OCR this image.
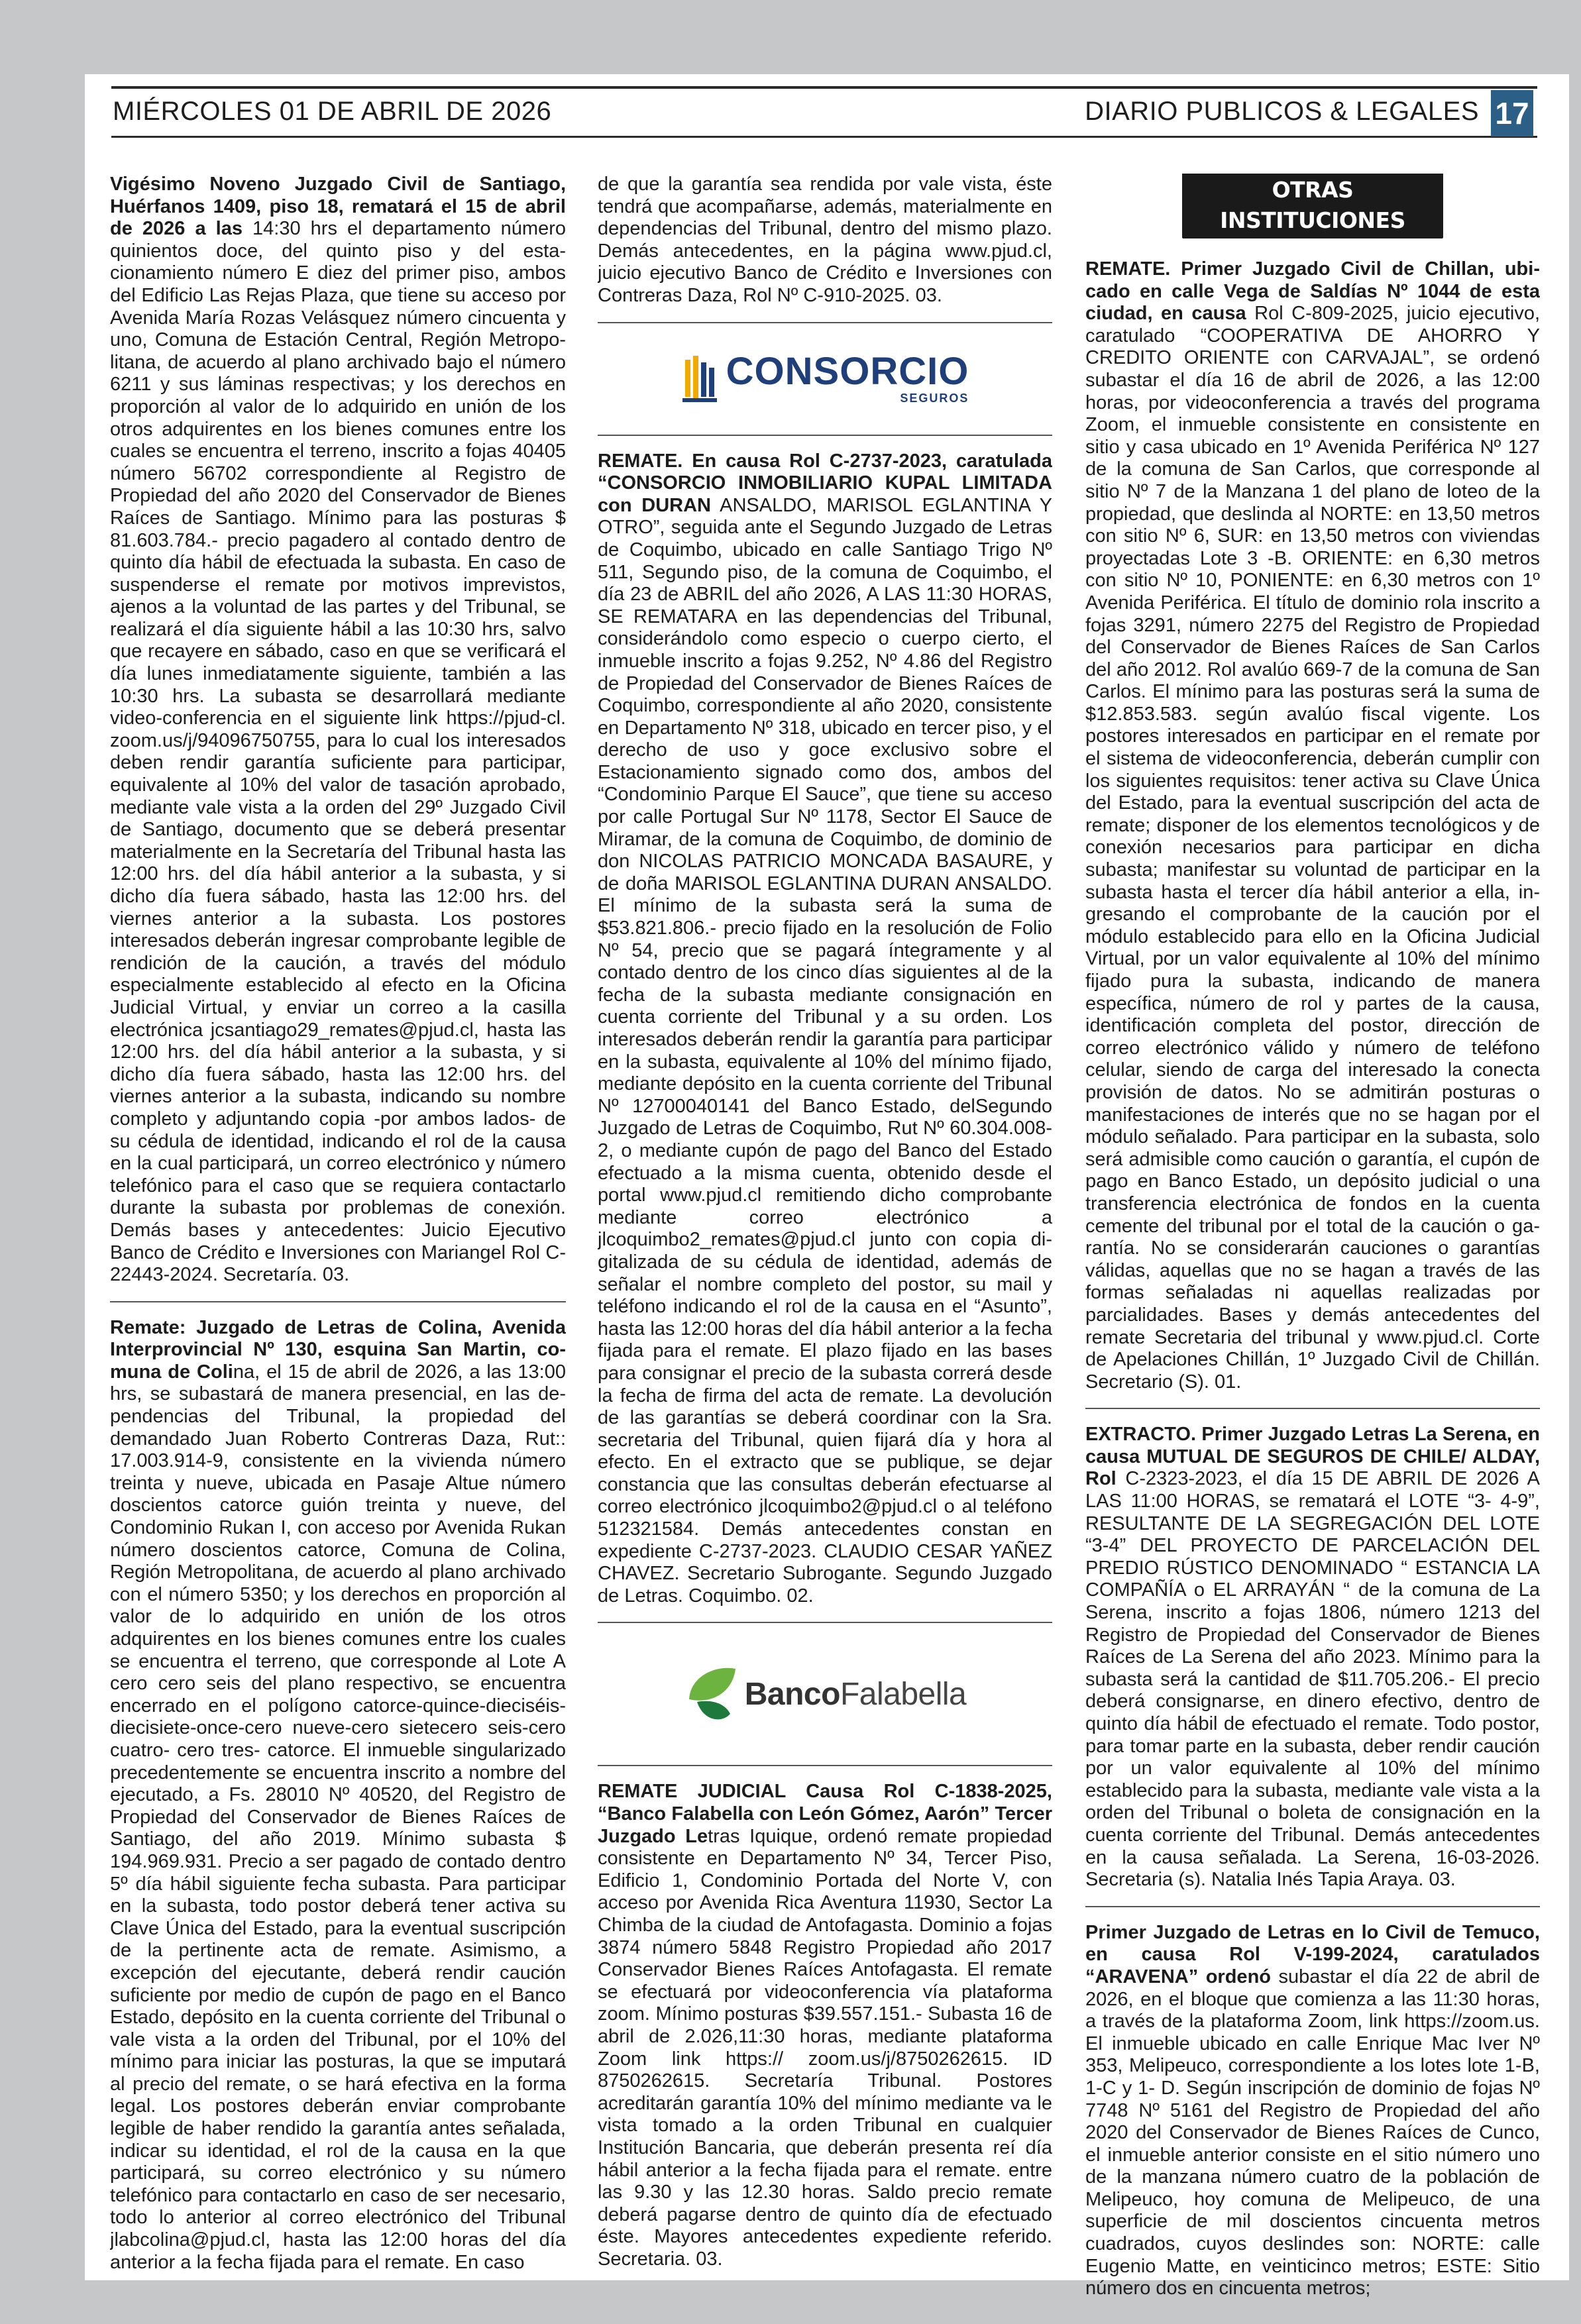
MIÉRCOLES 01 DE ABRIL DE 2026	DIARIO PUBLICOS & LEGALES 17
Vigésimo Noveno Juzgado Civil de Santiago, Huérfanos 1409, piso 18, rematará el 15 de abril de 2026 a las 14:30 hrs el departamento número quinientos doce, del quinto piso y del estacionamiento número E diez del primer piso, ambos del Edificio Las Rejas Plaza, que tiene su acceso por Avenida María Rozas Velásquez número cincuenta y uno, Comuna de Estación Central, Región Metropolitana, de acuerdo al plano archivado bajo el número 6211 y sus láminas respectivas; y los derechos en proporción al valor de lo adquirido en unión de los otros adquirentes en los bienes comunes entre los cuales se encuentra el terreno, inscrito a fojas 40405 número 56702 correspondiente al Registro de Propiedad del año 2020 del Conservador de Bienes Raíces de Santiago. Mínimo para las posturas $ 81.603.784.- precio pagadero al contado dentro de quinto día hábil de efectuada la subasta. En caso de suspenderse el remate por motivos imprevistos, ajenos a la voluntad de las partes y del Tribunal, se realizará el día siguiente hábil a las 10:30 hrs, salvo que recayere en sábado, caso en que se verificará el día lunes inmediatamente siguiente, también a las 10:30 hrs. La subasta se desarrollará mediante video-conferencia en el siguiente link https://pjud-cl. zoom.us/j/94096750755, para lo cual los interesados deben rendir garantía suficiente para participar, equivalente al 10% del valor de tasación aprobado, mediante vale vista a la orden del 29º Juzgado Civil de Santiago, documento que se deberá presentar materialmente en la Secretaría del Tribunal hasta las 12:00 hrs. del día hábil anterior a la subasta, y si dicho día fuera sábado, hasta las 12:00 hrs. del viernes anterior a la subasta. Los postores interesados deberán ingresar comprobante legible de rendición de la caución, a través del módulo especialmente establecido al efecto en la Oficina Judicial Virtual, y enviar un correo a la casilla electrónica jcsantiago29_remates@pjud.cl, hasta las 12:00 hrs. del día hábil anterior a la subasta, y si dicho día fuera sábado, hasta las 12:00 hrs. del viernes anterior a la subasta, indicando su nombre completo y adjuntando copia -por ambos lados- de su cédula de identidad, indicando el rol de la causa en la cual participará, un correo electrónico y número telefónico para el caso que se requiera contactarlo durante la subasta por problemas de conexión. Demás bases y antecedentes: Juicio Ejecutivo Banco de Crédito e Inversiones con Mariangel Rol C-22443-2024. Secretaría. 03.
Remate: Juzgado de Letras de Colina, Avenida Interprovincial Nº 130, esquina San Martin, comuna de Colina, el 15 de abril de 2026, a las 13:00 hrs, se subastará de manera presencial, en las dependencias del Tribunal, la propiedad del demandado Juan Roberto Contreras Daza, Rut:: 17.003.914-9, consistente en la vivienda número treinta y nueve, ubicada en Pasaje Altue número doscientos catorce guión treinta y nueve, del Condominio Rukan I, con acceso por Avenida Rukan número doscientos catorce, Comuna de Colina, Región Metropolitana, de acuerdo al plano archivado con el número 5350; y los derechos en proporción al valor de lo adquirido en unión de los otros adquirentes en los bienes comunes entre los cuales se encuentra el terreno, que corresponde al Lote A cero cero seis del plano respectivo, se encuentra encerrado en el polígono catorce-quince-dieciséis-diecisiete-once-cero nueve-cero sietecero seis-cero cuatro- cero tres- catorce. El inmueble singularizado precedentemente se encuentra inscrito a nombre del ejecutado, a Fs. 28010 Nº 40520, del Registro de Propiedad del Conservador de Bienes Raíces de Santiago, del año 2019. Mínimo subasta $ 194.969.931. Precio a ser pagado de contado dentro 5º día hábil siguiente fecha subasta. Para participar en la subasta, todo postor deberá tener activa su Clave Única del Estado, para la eventual suscripción de la pertinente acta de remate. Asimismo, a excepción del ejecutante, deberá rendir caución suficiente por medio de cupón de pago en el Banco Estado, depósito en la cuenta corriente del Tribunal o vale vista a la orden del Tribunal, por el 10% del mínimo para iniciar las posturas, la que se imputará al precio del remate, o se hará efectiva en la forma legal. Los postores deberán enviar comprobante legible de haber rendido la garantía antes señalada, indicar su identidad, el rol de la causa en la que participará, su correo electrónico y su número telefónico para contactarlo en caso de ser necesario, todo lo anterior al correo electrónico del Tribunal jlabcolina@pjud.cl, hasta las 12:00 horas del día anterior a la fecha fijada para el remate. En caso
de que la garantía sea rendida por vale vista, éste tendrá que acompañarse, además, materialmente en dependencias del Tribunal, dentro del mismo plazo. Demás antecedentes, en la página www.pjud.cl, juicio ejecutivo Banco de Crédito e Inversiones con Contreras Daza, Rol Nº C-910-2025. 03.
CONSORCIO
SEGUROS
REMATE. En causa Rol C-2737-2023, caratulada “CONSORCIO INMOBILIARIO KUPAL LIMITADA con DURAN ANSALDO, MARISOL EGLANTINA Y OTRO”, seguida ante el Segundo Juzgado de Letras de Coquimbo, ubicado en calle Santiago Trigo Nº 511, Segundo piso, de la comuna de Coquimbo, el día 23 de ABRIL del año 2026, A LAS 11:30 HORAS, SE REMATARA en las dependencias del Tribunal, considerándolo como especio o cuerpo cierto, el inmueble inscrito a fojas 9.252, Nº 4.86 del Registro de Propiedad del Conservador de Bienes Raíces de Coquimbo, correspondiente al año 2020, consistente en Departamento Nº 318, ubicado en tercer piso, y el derecho de uso y goce exclusivo sobre el Estacionamiento signado como dos, ambos del “Condominio Parque El Sauce”, que tiene su acceso por calle Portugal Sur Nº 1178, Sector El Sauce de Miramar, de la comuna de Coquimbo, de dominio de don NICOLAS PATRICIO MONCADA BASAURE, y de doña MARISOL EGLANTINA DURAN ANSALDO. El mínimo de la subasta será la suma de $53.821.806.- precio fijado en la resolución de Folio Nº 54, precio que se pagará íntegramente y al contado dentro de los cinco días siguientes al de la fecha de la subasta mediante consignación en cuenta corriente del Tribunal y a su orden. Los interesados deberán rendir la garantía para participar en la subasta, equivalente al 10% del mínimo fijado, mediante depósito en la cuenta corriente del Tribunal Nº 12700040141 del Banco Estado, delSegundo Juzgado de Letras de Coquimbo, Rut Nº 60.304.008-2, o mediante cupón de pago del Banco del Estado efectuado a la misma cuenta, obtenido desde el portal www.pjud.cl remitiendo dicho comprobante mediante correo electrónico a jlcoquimbo2_remates@pjud.cl junto con copia digitalizada de su cédula de identidad, además de señalar el nombre completo del postor, su mail y teléfono indicando el rol de la causa en el “Asunto”, hasta las 12:00 horas del día hábil anterior a la fecha fijada para el remate. El plazo fijado en las bases para consignar el precio de la subasta correrá desde la fecha de firma del acta de remate. La devolución de las garantías se deberá coordinar con la Sra. secretaria del Tribunal, quien fijará día y hora al efecto. En el extracto que se publique, se dejar constancia que las consultas deberán efectuarse al correo electrónico jlcoquimbo2@pjud.cl o al teléfono 512321584. Demás antecedentes constan en expediente C-2737-2023. CLAUDIO CESAR YAÑEZ CHAVEZ. Secretario Subrogante. Segundo Juzgado de Letras. Coquimbo. 02.
BancoFalabella
REMATE JUDICIAL Causa Rol C-1838-2025, “Banco Falabella con León Gómez, Aarón” Tercer Juzgado Letras Iquique, ordenó remate propiedad consistente en Departamento Nº 34, Tercer Piso, Edificio 1, Condominio Portada del Norte V, con acceso por Avenida Rica Aventura 11930, Sector La Chimba de la ciudad de Antofagasta. Dominio a fojas 3874 número 5848 Registro Propiedad año 2017 Conservador Bienes Raíces Antofagasta. El remate se efectuará por videoconferencia vía plataforma zoom. Mínimo posturas $39.557.151.- Subasta 16 de abril de 2.026,11:30 horas, mediante plataforma Zoom link https:// zoom.us/j/8750262615. ID 8750262615. Secretaría Tribunal. Postores acreditarán garantía 10% del mínimo mediante va le vista tomado a la orden Tribunal en cualquier Institución Bancaria, que deberán presenta reí día hábil anterior a la fecha fijada para el remate. entre las 9.30 y las 12.30 horas. Saldo precio remate deberá pagarse dentro de quinto día de efectuado éste. Mayores antecedentes expediente referido. Secretaria. 03.
OTRAS INSTITUCIONES
Y PARTICULARES
REMATE. Primer Juzgado Civil de Chillan, ubicado en calle Vega de Saldías Nº 1044 de esta ciudad, en causa Rol C-809-2025, juicio ejecutivo, caratulado “COOPERATIVA DE AHORRO Y CREDITO ORIENTE con CARVAJAL”, se ordenó subastar el día 16 de abril de 2026, a las 12:00 horas, por videoconferencia a través del programa Zoom, el inmueble consistente en consistente en sitio y casa ubicado en 1º Avenida Periférica Nº 127 de la comuna de San Carlos, que corresponde al sitio Nº 7 de la Manzana 1 del plano de loteo de la propiedad, que deslinda al NORTE: en 13,50 metros con sitio Nº 6, SUR: en 13,50 metros con viviendas proyectadas Lote 3 -B. ORIENTE: en 6,30 metros con sitio Nº 10, PONIENTE: en 6,30 metros con 1º Avenida Periférica. El título de dominio rola inscrito a fojas 3291, número 2275 del Registro de Propiedad del Conservador de Bienes Raíces de San Carlos del año 2012. Rol avalúo 669-7 de la comuna de San Carlos. El mínimo para las posturas será la suma de $12.853.583. según avalúo fiscal vigente. Los postores interesados en participar en el remate por el sistema de videoconferencia, deberán cumplir con los siguientes requisitos: tener activa su Clave Única del Estado, para la eventual suscripción del acta de remate; disponer de los elementos tecnológicos y de conexión necesarios para participar en dicha subasta; manifestar su voluntad de participar en la subasta hasta el tercer día hábil anterior a ella, ingresando el comprobante de la caución por el módulo establecido para ello en la Oficina Judicial Virtual, por un valor equivalente al 10% del mínimo fijado pura la subasta, indicando de manera específica, número de rol y partes de la causa, identificación completa del postor, dirección de correo electrónico válido y número de teléfono celular, siendo de carga del interesado la conecta provisión de datos. No se admitirán posturas o manifestaciones de interés que no se hagan por el módulo señalado. Para participar en la subasta, solo será admisible como caución o garantía, el cupón de pago en Banco Estado, un depósito judicial o una transferencia electrónica de fondos en la cuenta cemente del tribunal por el total de la caución o garantía. No se considerarán cauciones o garantías válidas, aquellas que no se hagan a través de las formas señaladas ni aquellas realizadas por parcialidades. Bases y demás antecedentes del remate Secretaria del tribunal y www.pjud.cl. Corte de Apelaciones Chillán, 1º Juzgado Civil de Chillán. Secretario (S). 01.
EXTRACTO. Primer Juzgado Letras La Serena, en causa MUTUAL DE SEGUROS DE CHILE/ ALDAY, Rol C-2323-2023, el día 15 DE ABRIL DE 2026 A LAS 11:00 HORAS, se rematará el LOTE “3- 4-9”, RESULTANTE DE LA SEGREGACIÓN DEL LOTE “3-4” DEL PROYECTO DE PARCELACIÓN DEL PREDIO RÚSTICO DENOMINADO “ ESTANCIA LA COMPAÑÍA o EL ARRAYÁN “ de la comuna de La Serena, inscrito a fojas 1806, número 1213 del Registro de Propiedad del Conservador de Bienes Raíces de La Serena del año 2023. Mínimo para la subasta será la cantidad de $11.705.206.- El precio deberá consignarse, en dinero efectivo, dentro de quinto día hábil de efectuado el remate. Todo postor, para tomar parte en la subasta, deber rendir caución por un valor equivalente al 10% del mínimo establecido para la subasta, mediante vale vista a la orden del Tribunal o boleta de consignación en la cuenta corriente del Tribunal. Demás antecedentes en la causa señalada. La Serena, 16-03-2026. Secretaria (s). Natalia Inés Tapia Araya. 03.
Primer Juzgado de Letras en lo Civil de Temuco, en causa Rol V-199-2024, caratulados “ARAVENA” ordenó subastar el día 22 de abril de 2026, en el bloque que comienza a las 11:30 horas, a través de la plataforma Zoom, link https://zoom.us. El inmueble ubicado en calle Enrique Mac Iver Nº 353, Melipeuco, correspondiente a los lotes lote 1-B, 1-C y 1- D. Según inscripción de dominio de fojas Nº 7748 Nº 5161 del Registro de Propiedad del año 2020 del Conservador de Bienes Raíces de Cunco, el inmueble anterior consiste en el sitio número uno de la manzana número cuatro de la población de Melipeuco, hoy comuna de Melipeuco, de una superficie de mil doscientos cincuenta metros cuadrados, cuyos deslindes son: NORTE: calle Eugenio Matte, en veinticinco metros; ESTE: Sitio número dos en cincuenta metros;
